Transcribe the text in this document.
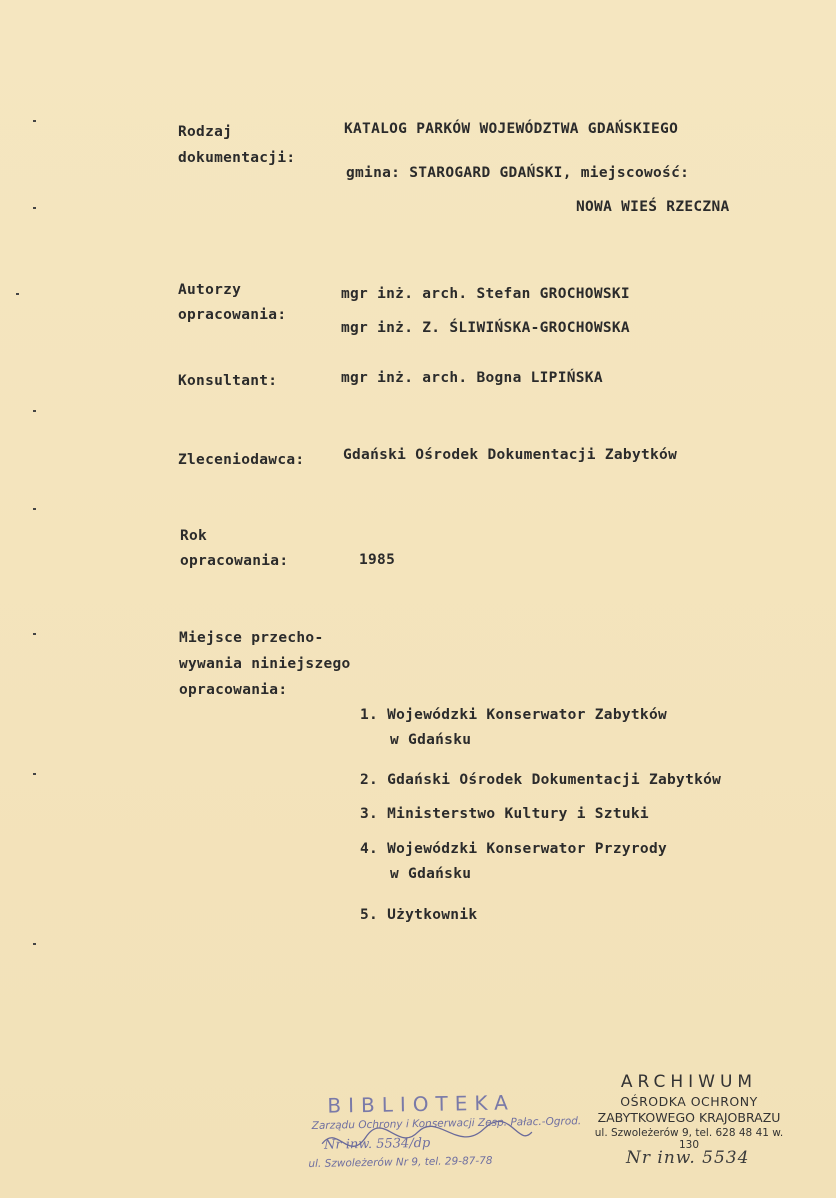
Rodzaj
dokumentacji:
KATALOG PARKÓW WOJEWÓDZTWA GDAŃSKIEGO
gmina: STAROGARD GDAŃSKI, miejscowość:
NOWA WIEŚ RZECZNA
Autorzy
opracowania:
mgr inż. arch. Stefan GROCHOWSKI
mgr inż. Z. ŚLIWIŃSKA-GROCHOWSKA
Konsultant:	mgr inż. arch. Bogna LIPIŃSKA
Zleceniodawca:	Gdański Ośrodek Dokumentacji Zabytków
Rok
opracowania:	1985
Miejsce przecho-
wywania niniejszego
opracowania:
1. Wojewódzki Konserwator Zabytków
w Gdańsku
2. Gdański Ośrodek Dokumentacji Zabytków
3. Ministerstwo Kultury i Sztuki
4. Wojewódzki Konserwator Przyrody
w Gdańsku
5. Użytkownik
BIBLIOTEKA
Zarządu Ochrony i Konserwacji Zesp. Pałac.-Ogrod.
Nr inw. 5534/dp
ul. Szwoleżerów Nr 9, tel. 29-87-78
ARCHIWUM
OŚRODKA OCHRONY
ZABYTKOWEGO KRAJOBRAZU
ul. Szwoleżerów 9, tel. 628 48 41 w. 130
Nr inw. 5534
